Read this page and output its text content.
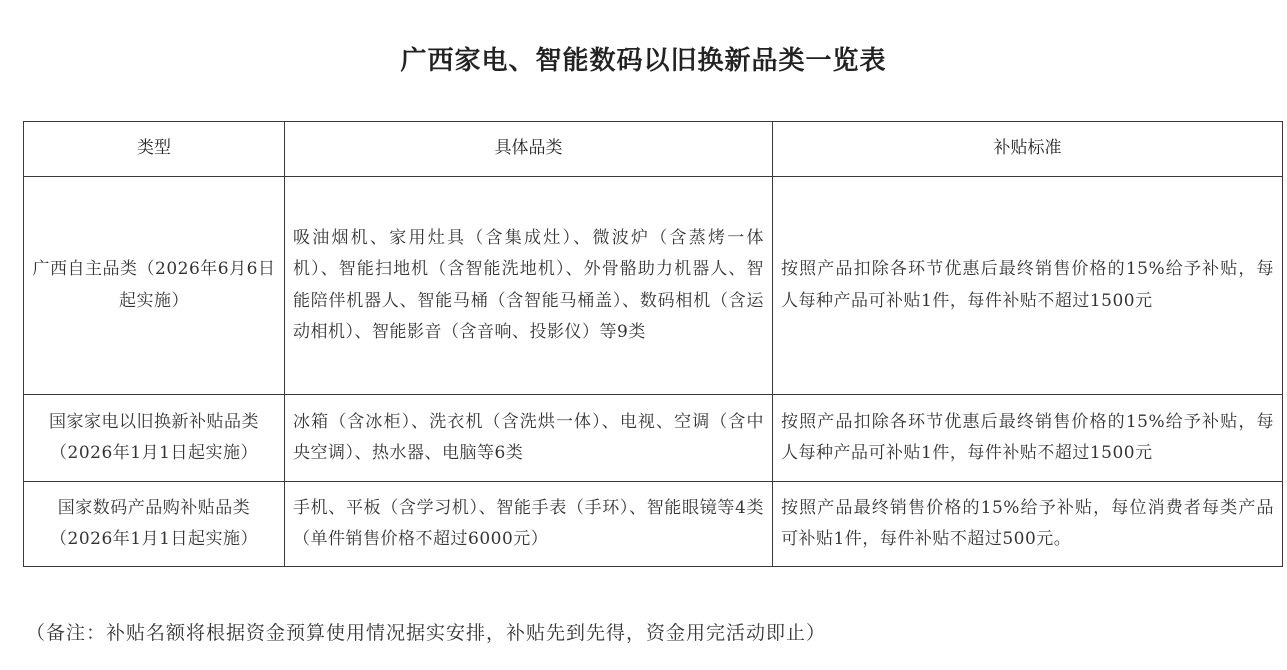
广西家电、智能数码以旧换新品类一览表
类型	具体品类	补贴标准
广西自主品类（2026年6月6日起实施）	吸油烟机、家用灶具（含集成灶）、微波炉（含蒸烤一体机）、智能扫地机（含智能洗地机）、外骨骼助力机器人、智能陪伴机器人、智能马桶（含智能马桶盖）、数码相机（含运动相机）、智能影音（含音响、投影仪）等9类	按照产品扣除各环节优惠后最终销售价格的15%给予补贴，每人每种产品可补贴1件，每件补贴不超过1500元
国家家电以旧换新补贴品类（2026年1月1日起实施）	冰箱（含冰柜）、洗衣机（含洗烘一体）、电视、空调（含中央空调）、热水器、电脑等6类	按照产品扣除各环节优惠后最终销售价格的15%给予补贴，每人每种产品可补贴1件，每件补贴不超过1500元
国家数码产品购补贴品类（2026年1月1日起实施）	手机、平板（含学习机）、智能手表（手环）、智能眼镜等4类（单件销售价格不超过6000元）	按照产品最终销售价格的15%给予补贴，每位消费者每类产品可补贴1件，每件补贴不超过500元。
（备注：补贴名额将根据资金预算使用情况据实安排，补贴先到先得，资金用完活动即止）
